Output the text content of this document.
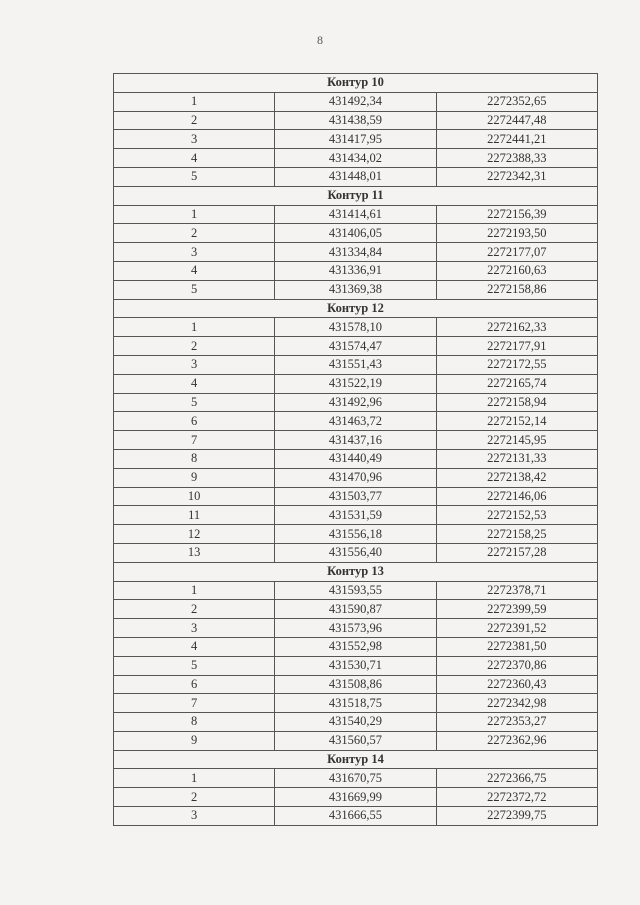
8
Контур 10		
1	431492,34	2272352,65
2	431438,59	2272447,48
3	431417,95	2272441,21
4	431434,02	2272388,33
5	431448,01	2272342,31
Контур 11		
1	431414,61	2272156,39
2	431406,05	2272193,50
3	431334,84	2272177,07
4	431336,91	2272160,63
5	431369,38	2272158,86
Контур 12		
1	431578,10	2272162,33
2	431574,47	2272177,91
3	431551,43	2272172,55
4	431522,19	2272165,74
5	431492,96	2272158,94
6	431463,72	2272152,14
7	431437,16	2272145,95
8	431440,49	2272131,33
9	431470,96	2272138,42
10	431503,77	2272146,06
11	431531,59	2272152,53
12	431556,18	2272158,25
13	431556,40	2272157,28
Контур 13		
1	431593,55	2272378,71
2	431590,87	2272399,59
3	431573,96	2272391,52
4	431552,98	2272381,50
5	431530,71	2272370,86
6	431508,86	2272360,43
7	431518,75	2272342,98
8	431540,29	2272353,27
9	431560,57	2272362,96
Контур 14		
1	431670,75	2272366,75
2	431669,99	2272372,72
3	431666,55	2272399,75
